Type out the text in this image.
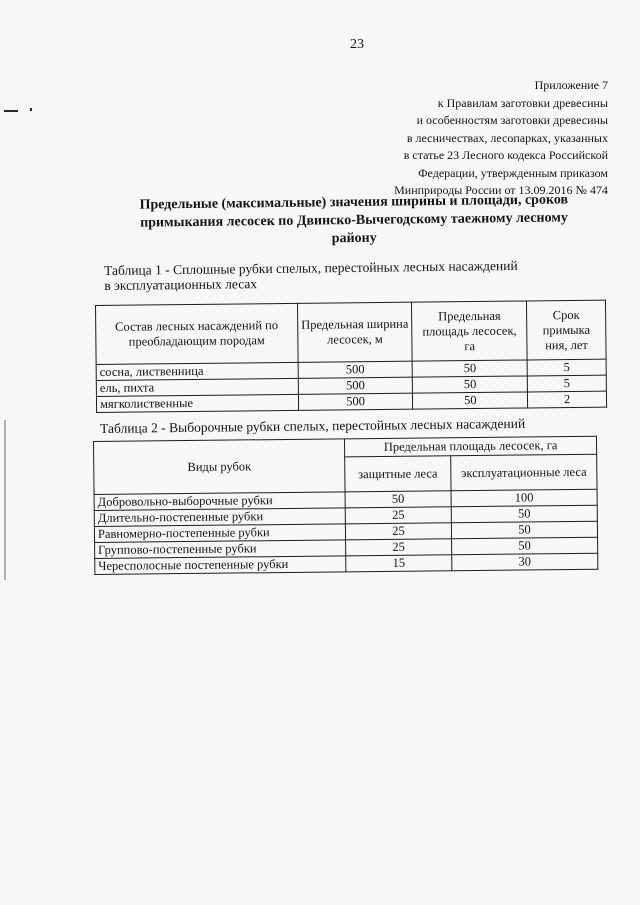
23
Приложение 7
к Правилам заготовки древесины
и особенностям заготовки древесины
в лесничествах, лесопарках, указанных
в статье 23 Лесного кодекса Российской
Федерации, утвержденным приказом
Минприроды России от 13.09.2016 № 474
Предельные (максимальные) значения ширины и площади, сроков
примыкания лесосек по Двинско-Вычегодскому таежному лесному
району
Таблица 1 - Сплошные рубки спелых, перестойных лесных насаждений
в эксплуатационных лесах
Состав лесных насаждений по преобладающим породам	Предельная ширина лесосек, м	Предельная площадь лесосек, га	Срок примыка ния, лет
сосна, лиственница	500	50	5
ель, пихта	500	50	5
мягколиственные	500	50	2
Таблица 2 - Выборочные рубки спелых, перестойных лесных насаждений
Виды рубок	Предельная площадь лесосек, га	
	защитные леса	эксплуатационные леса
Добровольно-выборочные рубки	50	100
Длительно-постепенные рубки	25	50
Равномерно-постепенные рубки	25	50
Группово-постепенные рубки	25	50
Чересполосные постепенные рубки	15	30
